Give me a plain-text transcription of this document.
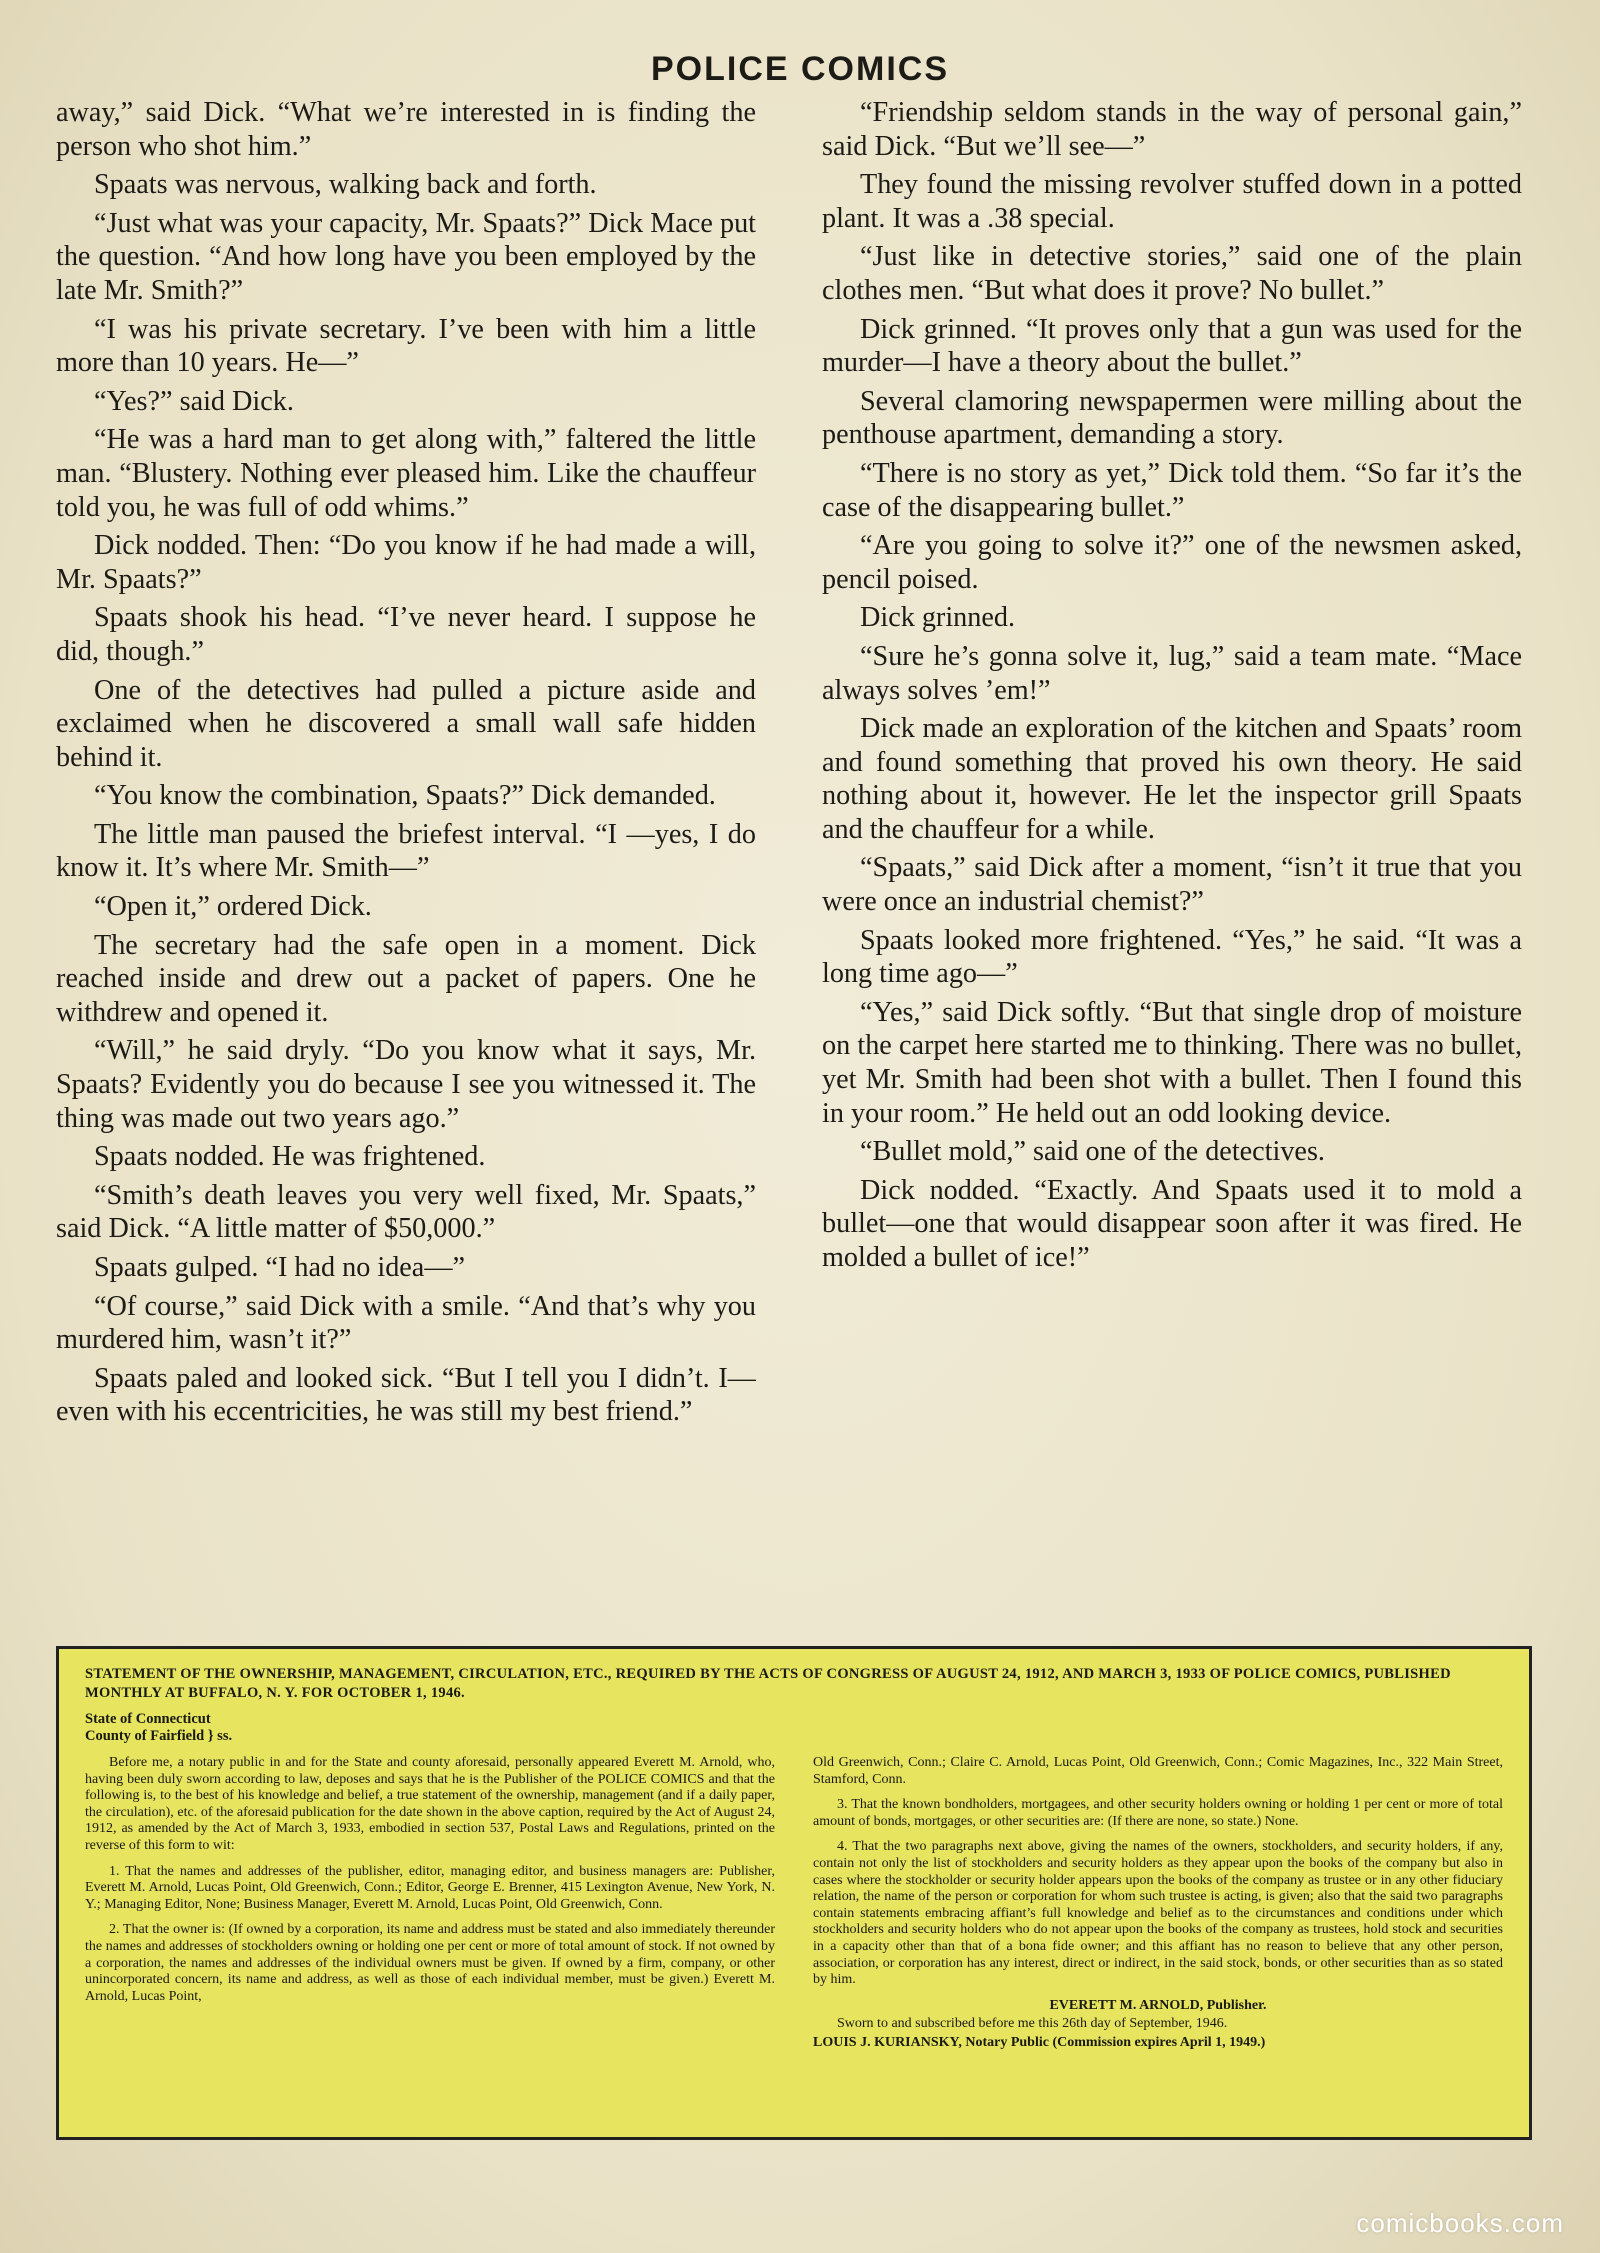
POLICE COMICS

away,” said Dick. “What we’re interested in is finding the person who shot him.”

Spaats was nervous, walking back and forth.

“Just what was your capacity, Mr. Spaats?” Dick Mace put the question. “And how long have you been employed by the late Mr. Smith?”

“I was his private secretary. I’ve been with him a little more than 10 years. He—”

“Yes?” said Dick.

“He was a hard man to get along with,” faltered the little man. “Blustery. Nothing ever pleased him. Like the chauffeur told you, he was full of odd whims.”

Dick nodded. Then: “Do you know if he had made a will, Mr. Spaats?”

Spaats shook his head. “I’ve never heard. I suppose he did, though.”

One of the detectives had pulled a picture aside and exclaimed when he discovered a small wall safe hidden behind it.

“You know the combination, Spaats?” Dick demanded.

The little man paused the briefest interval. “I —yes, I do know it. It’s where Mr. Smith—”

“Open it,” ordered Dick.

The secretary had the safe open in a moment. Dick reached inside and drew out a packet of papers. One he withdrew and opened it.

“Will,” he said dryly. “Do you know what it says, Mr. Spaats? Evidently you do because I see you witnessed it. The thing was made out two years ago.”

Spaats nodded. He was frightened.

“Smith’s death leaves you very well fixed, Mr. Spaats,” said Dick. “A little matter of $50,000.”

Spaats gulped. “I had no idea—”

“Of course,” said Dick with a smile. “And that’s why you murdered him, wasn’t it?”

Spaats paled and looked sick. “But I tell you I didn’t. I—even with his eccentricities, he was still my best friend.”

“Friendship seldom stands in the way of personal gain,” said Dick. “But we’ll see—”

They found the missing revolver stuffed down in a potted plant. It was a .38 special.

“Just like in detective stories,” said one of the plain clothes men. “But what does it prove? No bullet.”

Dick grinned. “It proves only that a gun was used for the murder—I have a theory about the bullet.”

Several clamoring newspapermen were milling about the penthouse apartment, demanding a story.

“There is no story as yet,” Dick told them. “So far it’s the case of the disappearing bullet.”

“Are you going to solve it?” one of the newsmen asked, pencil poised.

Dick grinned.

“Sure he’s gonna solve it, lug,” said a team mate. “Mace always solves ’em!”

Dick made an exploration of the kitchen and Spaats’ room and found something that proved his own theory. He said nothing about it, however. He let the inspector grill Spaats and the chauffeur for a while.

“Spaats,” said Dick after a moment, “isn’t it true that you were once an industrial chemist?”

Spaats looked more frightened. “Yes,” he said. “It was a long time ago—”

“Yes,” said Dick softly. “But that single drop of moisture on the carpet here started me to thinking. There was no bullet, yet Mr. Smith had been shot with a bullet. Then I found this in your room.” He held out an odd looking device.

“Bullet mold,” said one of the detectives.

Dick nodded. “Exactly. And Spaats used it to mold a bullet—one that would disappear soon after it was fired. He molded a bullet of ice!”

STATEMENT OF THE OWNERSHIP, MANAGEMENT, CIRCULATION, ETC., REQUIRED BY THE ACTS OF CONGRESS OF AUGUST 24, 1912, AND MARCH 3, 1933 OF POLICE COMICS, PUBLISHED MONTHLY AT BUFFALO, N. Y. FOR OCTOBER 1, 1946.
State of Connecticut
County of Fairfield } ss.

Before me, a notary public in and for the State and county aforesaid, personally appeared Everett M. Arnold, who, having been duly sworn according to law, deposes and says that he is the Publisher of the POLICE COMICS and that the following is, to the best of his knowledge and belief, a true statement of the ownership, management (and if a daily paper, the circulation), etc. of the aforesaid publication for the date shown in the above caption, required by the Act of August 24, 1912, as amended by the Act of March 3, 1933, embodied in section 537, Postal Laws and Regulations, printed on the reverse of this form to wit:

1. That the names and addresses of the publisher, editor, managing editor, and business managers are: Publisher, Everett M. Arnold, Lucas Point, Old Greenwich, Conn.; Editor, George E. Brenner, 415 Lexington Avenue, New York, N. Y.; Managing Editor, None; Business Manager, Everett M. Arnold, Lucas Point, Old Greenwich, Conn.

2. That the owner is: (If owned by a corporation, its name and address must be stated and also immediately thereunder the names and addresses of stockholders owning or holding one per cent or more of total amount of stock. If not owned by a corporation, the names and addresses of the individual owners must be given. If owned by a firm, company, or other unincorporated concern, its name and address, as well as those of each individual member, must be given.) Everett M. Arnold, Lucas Point,

Old Greenwich, Conn.; Claire C. Arnold, Lucas Point, Old Greenwich, Conn.; Comic Magazines, Inc., 322 Main Street, Stamford, Conn.

3. That the known bondholders, mortgagees, and other security holders owning or holding 1 per cent or more of total amount of bonds, mortgages, or other securities are: (If there are none, so state.) None.

4. That the two paragraphs next above, giving the names of the owners, stockholders, and security holders, if any, contain not only the list of stockholders and security holders as they appear upon the books of the company but also in cases where the stockholder or security holder appears upon the books of the company as trustee or in any other fiduciary relation, the name of the person or corporation for whom such trustee is acting, is given; also that the said two paragraphs contain statements embracing affiant’s full knowledge and belief as to the circumstances and conditions under which stockholders and security holders who do not appear upon the books of the company as trustees, hold stock and securities in a capacity other than that of a bona fide owner; and this affiant has no reason to believe that any other person, association, or corporation has any interest, direct or indirect, in the said stock, bonds, or other securities than as so stated by him.

EVERETT M. ARNOLD, Publisher.

Sworn to and subscribed before me this 26th day of September, 1946.

LOUIS J. KURIANSKY, Notary Public (Commission expires April 1, 1949.)

comicbooks.com
